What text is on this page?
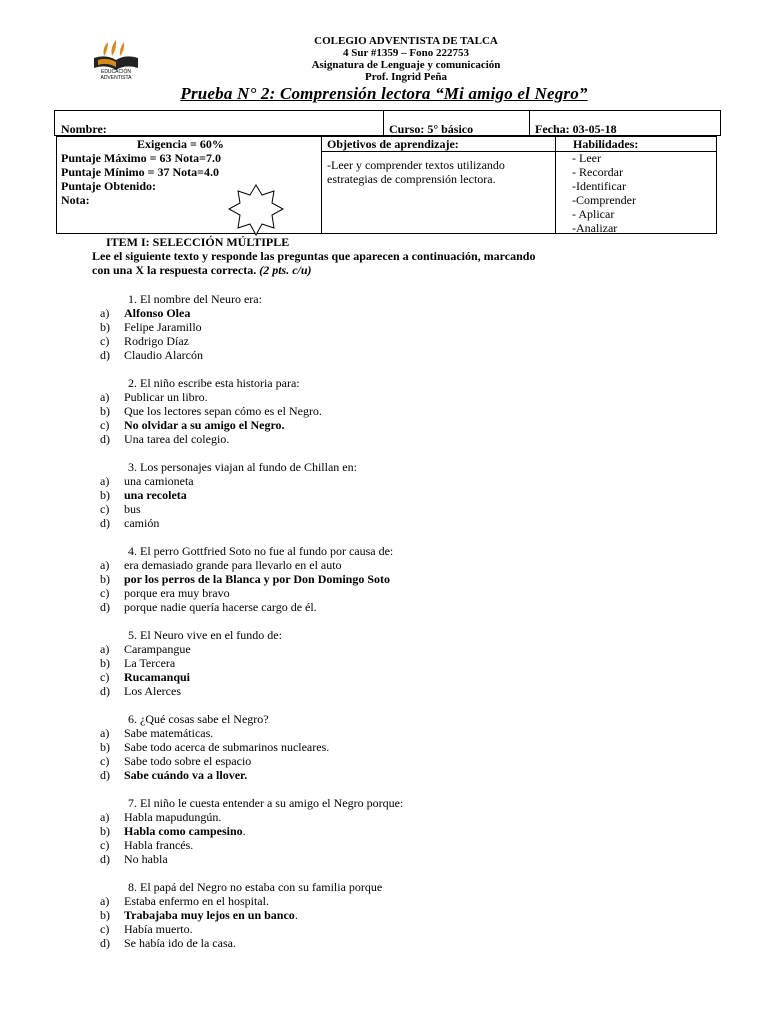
EDUCACIÓN ADVENTISTA
COLEGIO ADVENTISTA DE TALCA
4 Sur #1359 – Fono 222753
Asignatura de Lenguaje y comunicación
Prof. Ingrid Peña
Prueba N° 2: Comprensión lectora “Mi amigo el Negro”
Nombre:	Curso: 5° básico	Fecha: 03-05-18
Exigencia = 60%
Puntaje Máximo = 63 Nota=7.0
Puntaje Mínimo = 37 Nota=4.0
Puntaje Obtenido:
Nota:
Objetivos de aprendizaje:
-Leer y comprender textos utilizando
estrategias de comprensión lectora.
Habilidades:
- Leer
- Recordar
-Identificar
-Comprender
- Aplicar
-Analizar
ITEM I: SELECCIÓN MÚLTIPLE
Lee el siguiente texto y responde las preguntas que aparecen a continuación, marcando
con una X la respuesta correcta. (2 pts. c/u)
1. El nombre del Neuro era:
a) Alfonso Olea
b) Felipe Jaramillo
c) Rodrigo Díaz
d) Claudio Alarcón
2. El niño escribe esta historia para:
a) Publicar un libro.
b) Que los lectores sepan cómo es el Negro.
c) No olvidar a su amigo el Negro.
d) Una tarea del colegio.
3. Los personajes viajan al fundo de Chillan en:
a) una camioneta
b) una recoleta
c) bus
d) camión
4. El perro Gottfried Soto no fue al fundo por causa de:
a) era demasiado grande para llevarlo en el auto
b) por los perros de la Blanca y por Don Domingo Soto
c) porque era muy bravo
d) porque nadie quería hacerse cargo de él.
5. El Neuro vive en el fundo de:
a) Carampangue
b) La Tercera
c) Rucamanqui
d) Los Alerces
6. ¿Qué cosas sabe el Negro?
a) Sabe matemáticas.
b) Sabe todo acerca de submarinos nucleares.
c) Sabe todo sobre el espacio
d) Sabe cuándo va a llover.
7. El niño le cuesta entender a su amigo el Negro porque:
a) Habla mapudungún.
b) Habla como campesino.
c) Habla francés.
d) No habla
8. El papá del Negro no estaba con su familia porque
a) Estaba enfermo en el hospital.
b) Trabajaba muy lejos en un banco.
c) Había muerto.
d) Se había ido de la casa.
